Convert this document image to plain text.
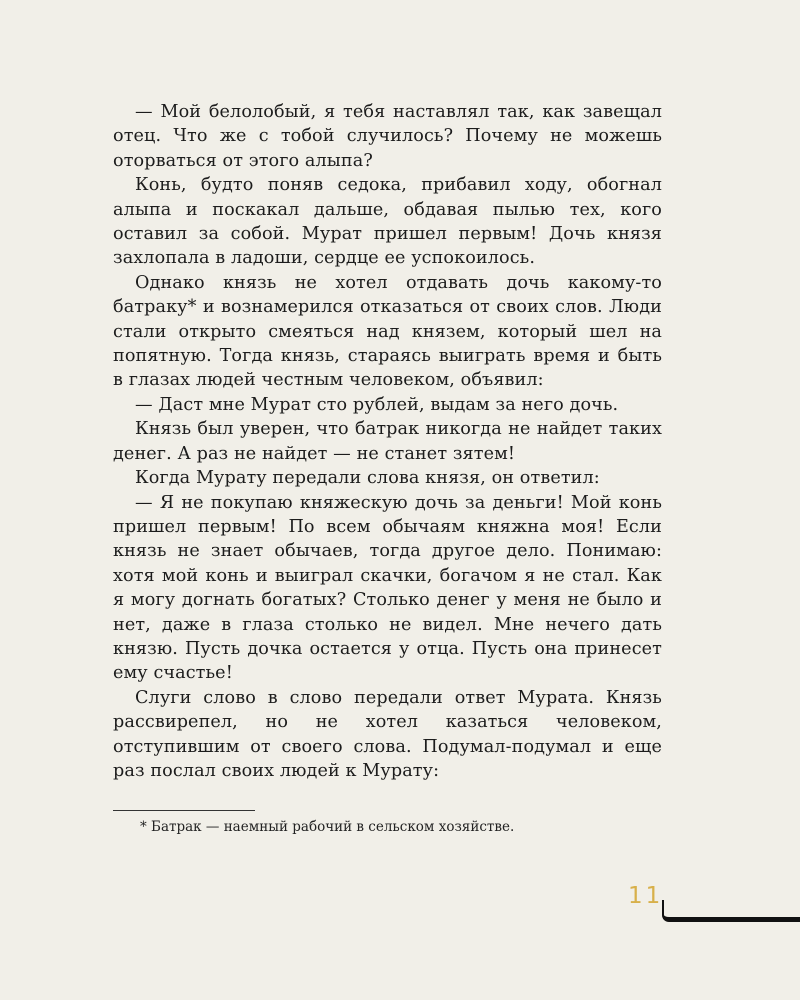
— Мой белолобый, я тебя наставлял так, как завещал отец. Что же с тобой случилось? Почему не можешь оторваться от этого алыпа?

Конь, будто поняв седока, прибавил ходу, обогнал алыпа и поскакал дальше, обдавая пылью тех, кого оставил за собой. Мурат пришел первым! Дочь князя захлопала в ладоши, сердце ее успокоилось.

Однако князь не хотел отдавать дочь какому-то батраку* и вознамерился отказаться от своих слов. Люди стали открыто смеяться над князем, который шел на попятную. Тогда князь, стараясь выиграть время и быть в глазах людей честным человеком, объявил:

— Даст мне Мурат сто рублей, выдам за него дочь.

Князь был уверен, что батрак никогда не найдет таких денег. А раз не найдет — не станет зятем!

Когда Мурату передали слова князя, он ответил:

— Я не покупаю княжескую дочь за деньги! Мой конь пришел первым! По всем обычаям княжна моя! Если князь не знает обычаев, тогда другое дело. Понимаю: хотя мой конь и выиграл скачки, богачом я не стал. Как я могу догнать богатых? Столько денег у меня не было и нет, даже в глаза столько не видел. Мне нечего дать князю. Пусть дочка остается у отца. Пусть она принесет ему счастье!

Слуги слово в слово передали ответ Мурата. Князь рассвирепел, но не хотел казаться человеком, отступившим от своего слова. Подумал-подумал и еще раз послал своих людей к Мурату:

* Батрак — наемный рабочий в сельском хозяйстве.
11
